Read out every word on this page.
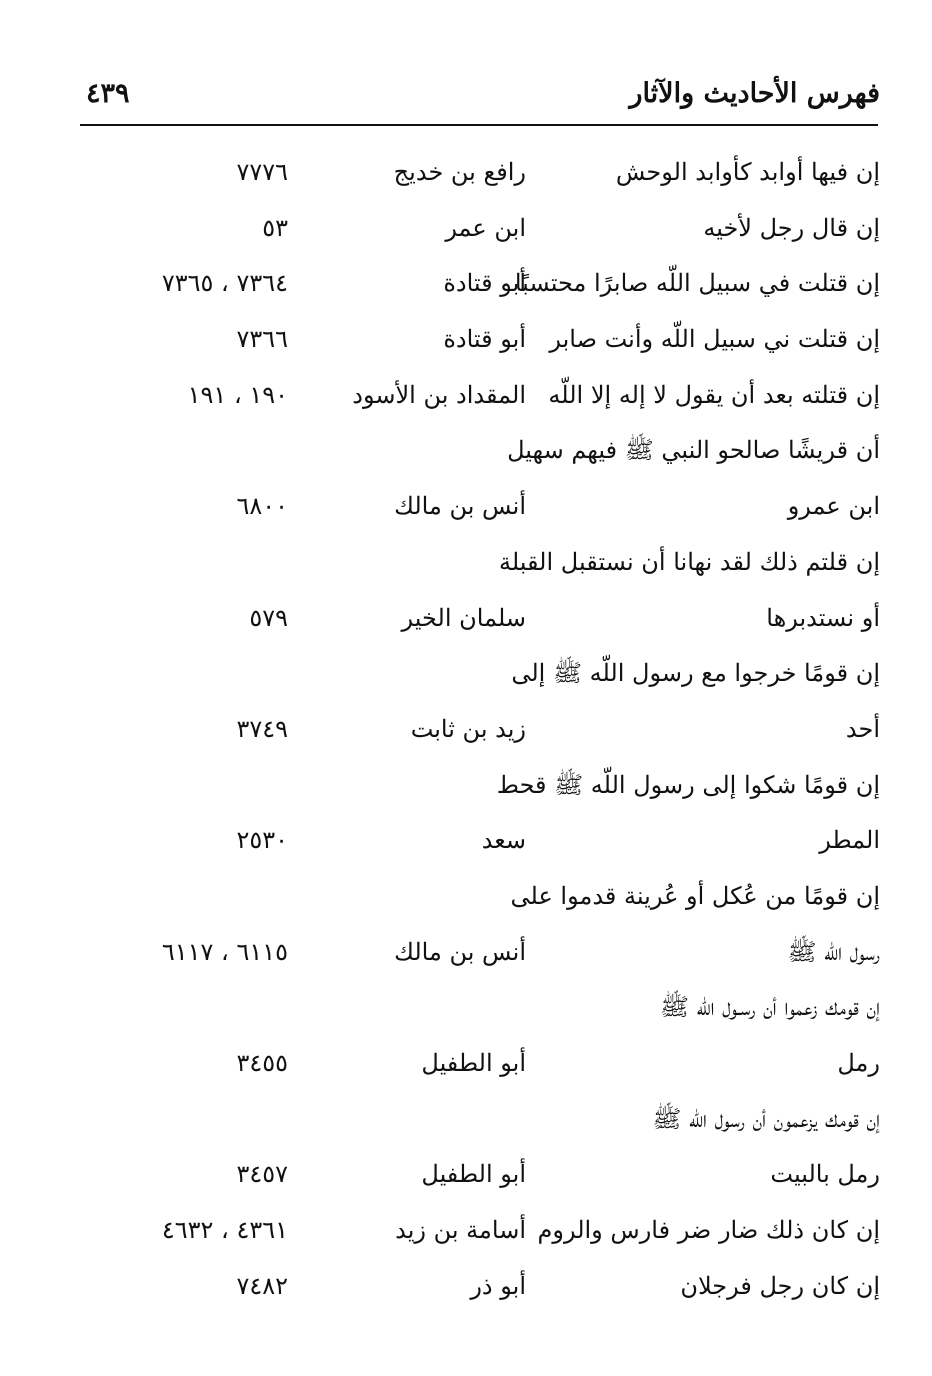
فهرس الأحاديث والآثار
٤٣٩
إن فيها أوابد كأوابد الوحش
رافع بن خديج
٧٧٧٦
إن قال رجل لأخيه
ابن عمر
٥٣
إن قتلت في سبيل اللّه صابرًا محتسبًا
أبو قتادة
٧٣٦٤ ، ٧٣٦٥
إن قتلت ني سبيل اللّه وأنت صابر
أبو قتادة
٧٣٦٦
إن قتلته بعد أن يقول لا إله إلا اللّه
المقداد بن الأسود
١٩٠ ، ١٩١
أن قريشًا صالحو النبي ﷺ فيهم سهيل
ابن عمرو
أنس بن مالك
٦٨٠٠
إن قلتم ذلك لقد نهانا أن نستقبل القبلة
أو نستدبرها
سلمان الخير
٥٧٩
إن قومًا خرجوا مع رسول اللّه ﷺ إلى
أحد
زيد بن ثابت
٣٧٤٩
إن قومًا شكوا إلى رسول اللّه ﷺ قحط
المطر
سعد
٢٥٣٠
إن قومًا من عُكل أو عُرينة قدموا على
رسول اللّه ﷺ
أنس بن مالك
٦١١٥ ، ٦١١٧
إن قومك زعموا أن رسـول اللّه ﷺ
رمل
أبو الطفيل
٣٤٥٥
إن قومك يزعمون أن رسول اللّه ﷺ
رمل بالبيت
أبو الطفيل
٣٤٥٧
إن كان ذلك ضار ضر فارس والروم
أسامة بن زيد
٤٣٦١ ، ٤٦٣٢
إن كان رجل فرجلان
أبو ذر
٧٤٨٢
